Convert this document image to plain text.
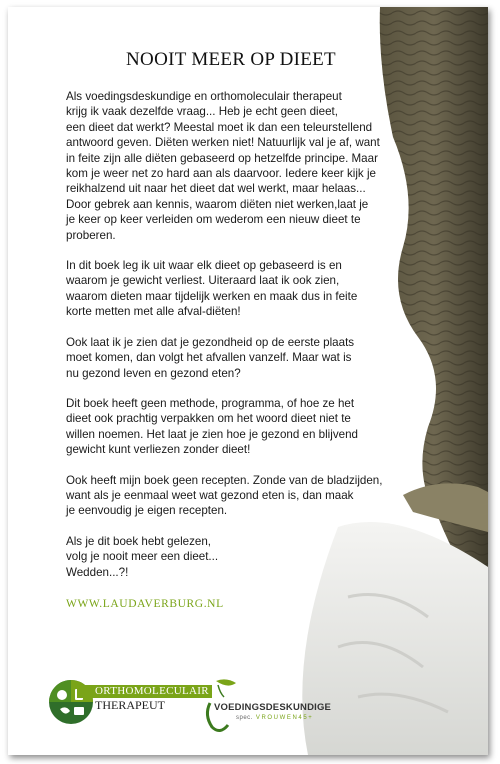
NOOIT MEER OP DIEET

Als voedingsdeskundige en orthomoleculair therapeut
krijg ik vaak dezelfde vraag... Heb je echt geen dieet,
een dieet dat werkt? Meestal moet ik dan een teleurstellend
antwoord geven. Diëten werken niet! Natuurlijk val je af, want
in feite zijn alle diëten gebaseerd op hetzelfde principe. Maar
kom je weer net zo hard aan als daarvoor. Iedere keer kijk je
reikhalzend uit naar het dieet dat wel werkt, maar helaas...
Door gebrek aan kennis, waarom diëten niet werken,laat je
je keer op keer verleiden om wederom een nieuw dieet te
proberen.

In dit boek leg ik uit waar elk dieet op gebaseerd is en
waarom je gewicht verliest. Uiteraard laat ik ook zien,
waarom dieten maar tijdelijk werken en maak dus in feite
korte metten met alle afval-diëten!

Ook laat ik je zien dat je gezondheid op de eerste plaats
moet komen, dan volgt het afvallen vanzelf. Maar wat is
nu gezond leven en gezond eten?

Dit boek heeft geen methode, programma, of hoe ze het
dieet ook prachtig verpakken om het woord dieet niet te
willen noemen. Het laat je zien hoe je gezond en blijvend
gewicht kunt verliezen zonder dieet!

Ook heeft mijn boek geen recepten. Zonde van de bladzijden,
want als je eenmaal weet wat gezond eten is, dan maak
je eenvoudig je eigen recepten.

Als je dit boek hebt gelezen,
volg je nooit meer een dieet...
Wedden...?!

WWW.LAUDAVERBURG.NL
ORTHOMOLECULAIR
THERAPEUT	VOEDINGSDESKUNDIGE
spec. VROUWEN45+
